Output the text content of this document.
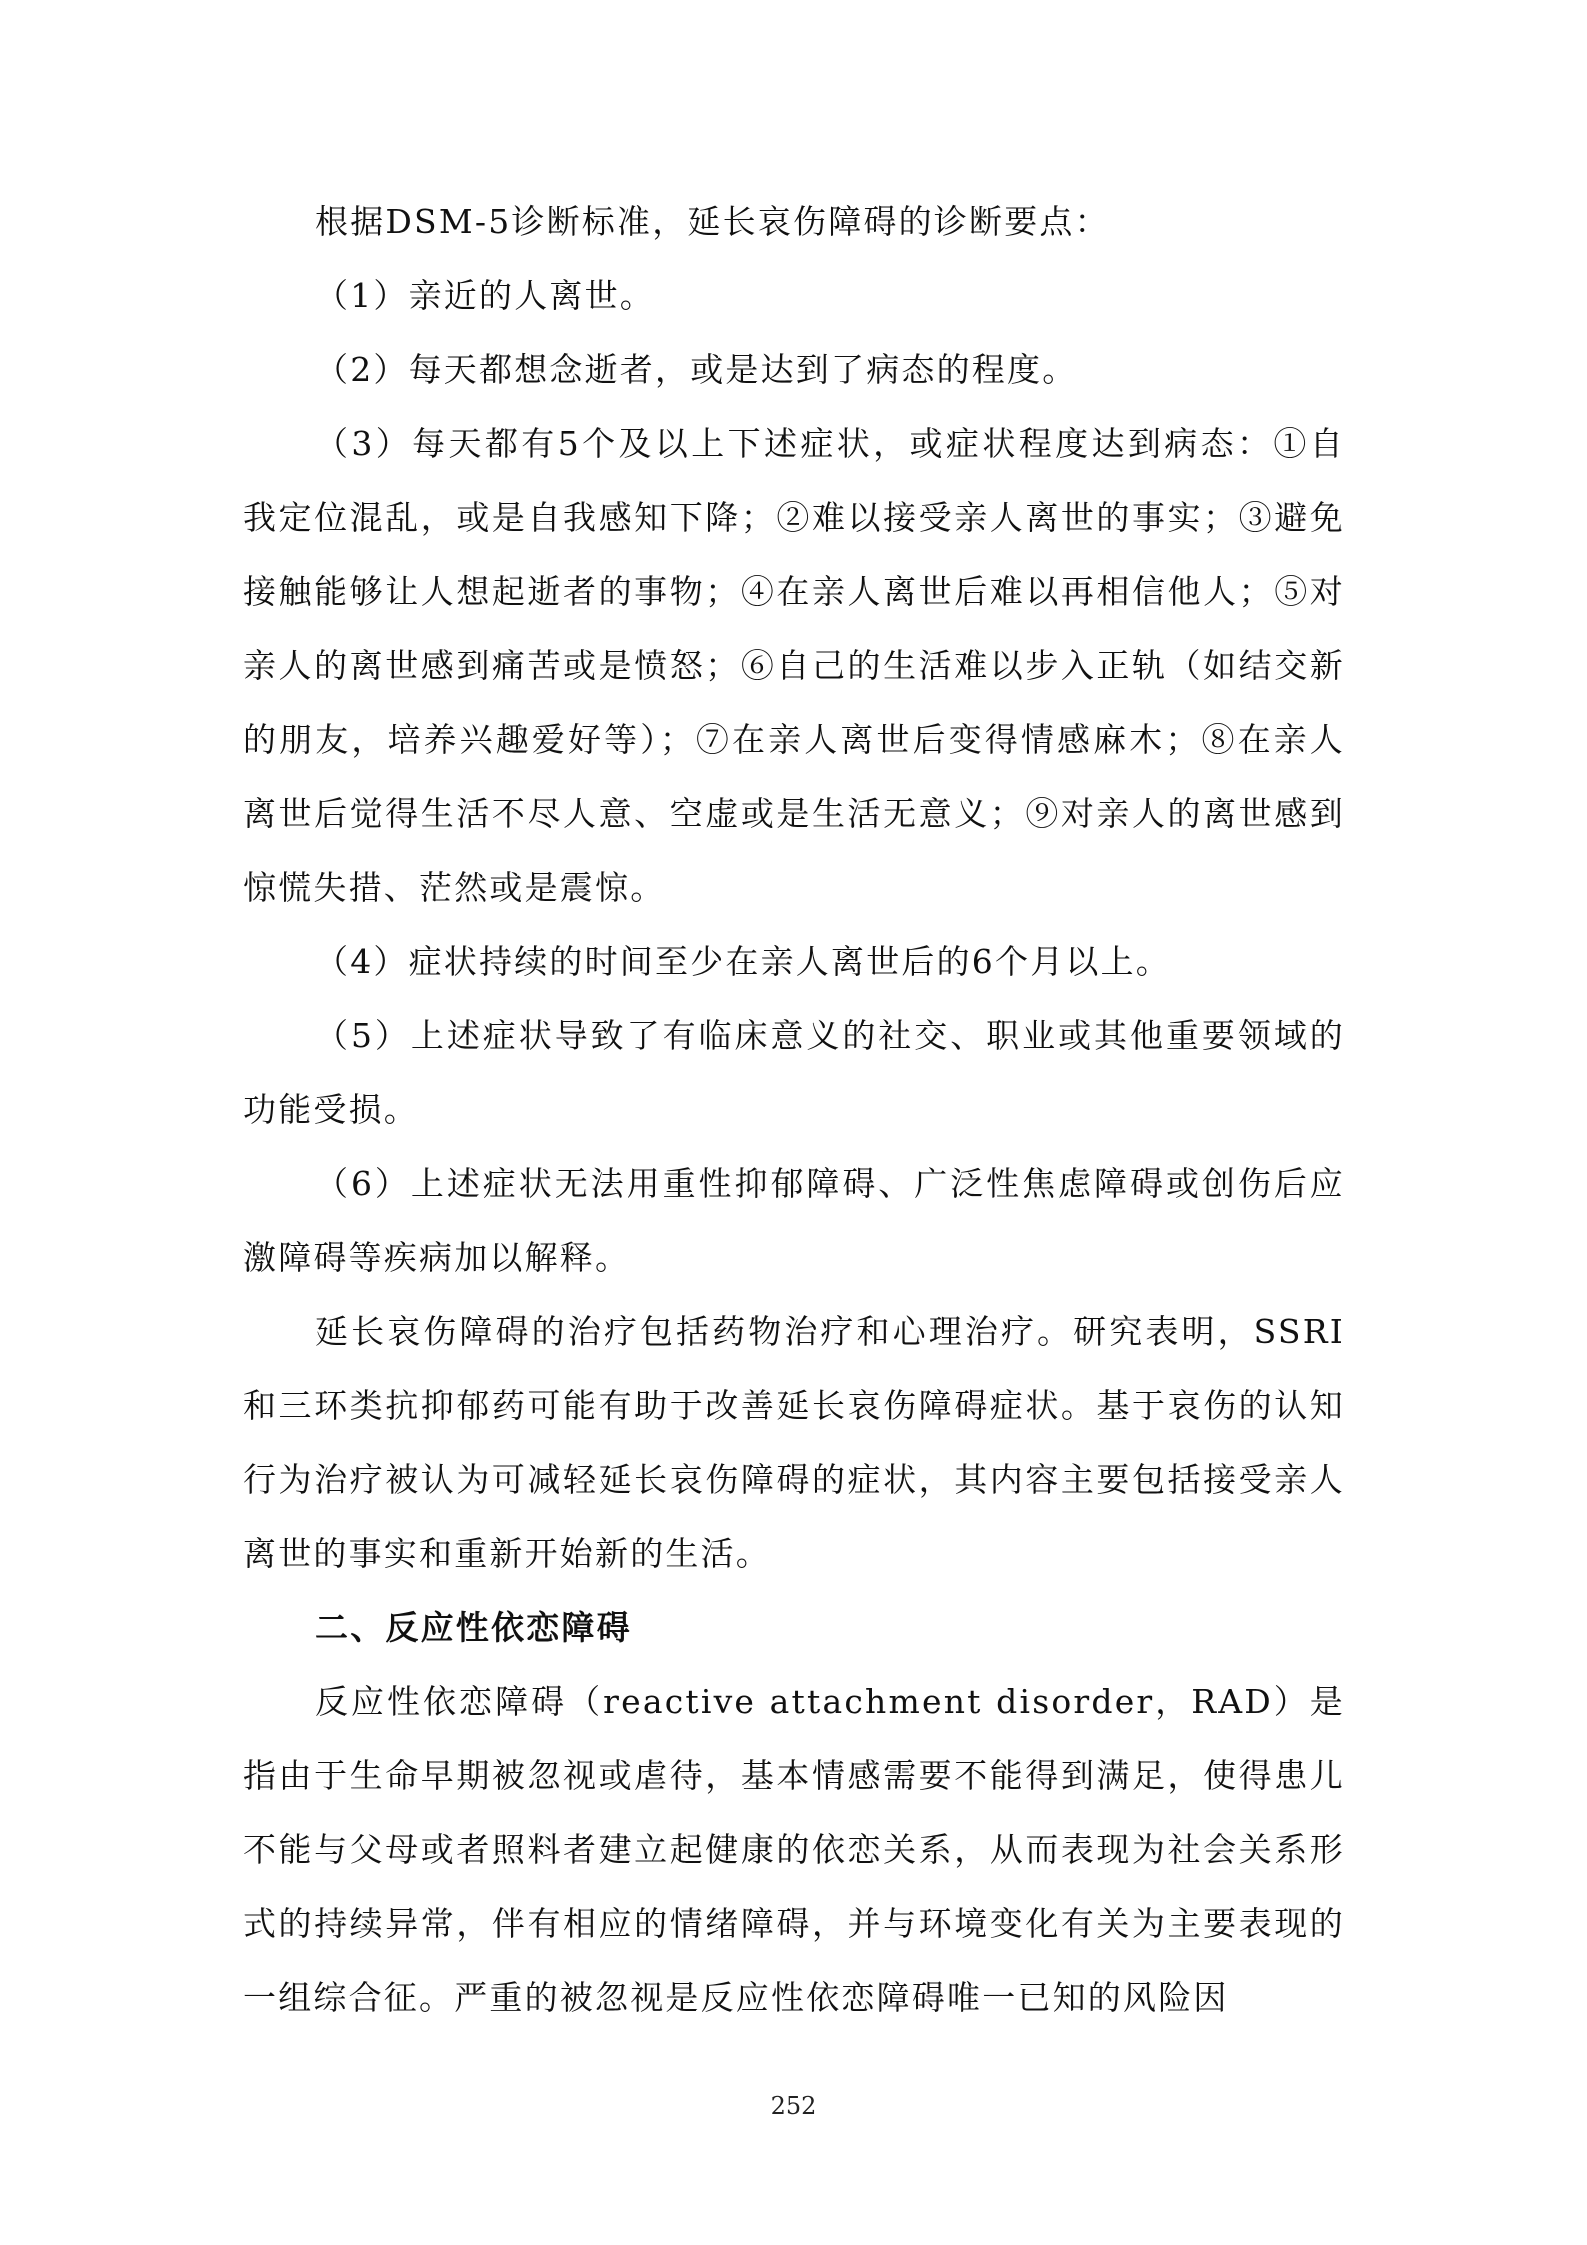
根据DSM-5诊断标准，延长哀伤障碍的诊断要点：

（1）亲近的人离世。

（2）每天都想念逝者，或是达到了病态的程度。

（3）每天都有5个及以上下述症状，或症状程度达到病态：①自我定位混乱，或是自我感知下降；②难以接受亲人离世的事实；③避免接触能够让人想起逝者的事物；④在亲人离世后难以再相信他人；⑤对亲人的离世感到痛苦或是愤怒；⑥自己的生活难以步入正轨（如结交新的朋友，培养兴趣爱好等）；⑦在亲人离世后变得情感麻木；⑧在亲人离世后觉得生活不尽人意、空虚或是生活无意义；⑨对亲人的离世感到惊慌失措、茫然或是震惊。

（4）症状持续的时间至少在亲人离世后的6个月以上。

（5）上述症状导致了有临床意义的社交、职业或其他重要领域的功能受损。

（6）上述症状无法用重性抑郁障碍、广泛性焦虑障碍或创伤后应激障碍等疾病加以解释。

延长哀伤障碍的治疗包括药物治疗和心理治疗。研究表明，SSRI和三环类抗抑郁药可能有助于改善延长哀伤障碍症状。基于哀伤的认知行为治疗被认为可减轻延长哀伤障碍的症状，其内容主要包括接受亲人离世的事实和重新开始新的生活。

二、反应性依恋障碍

反应性依恋障碍（reactive attachment disorder，RAD）是指由于生命早期被忽视或虐待，基本情感需要不能得到满足，使得患儿不能与父母或者照料者建立起健康的依恋关系，从而表现为社会关系形式的持续异常，伴有相应的情绪障碍，并与环境变化有关为主要表现的一组综合征。严重的被忽视是反应性依恋障碍唯一已知的风险因

252
